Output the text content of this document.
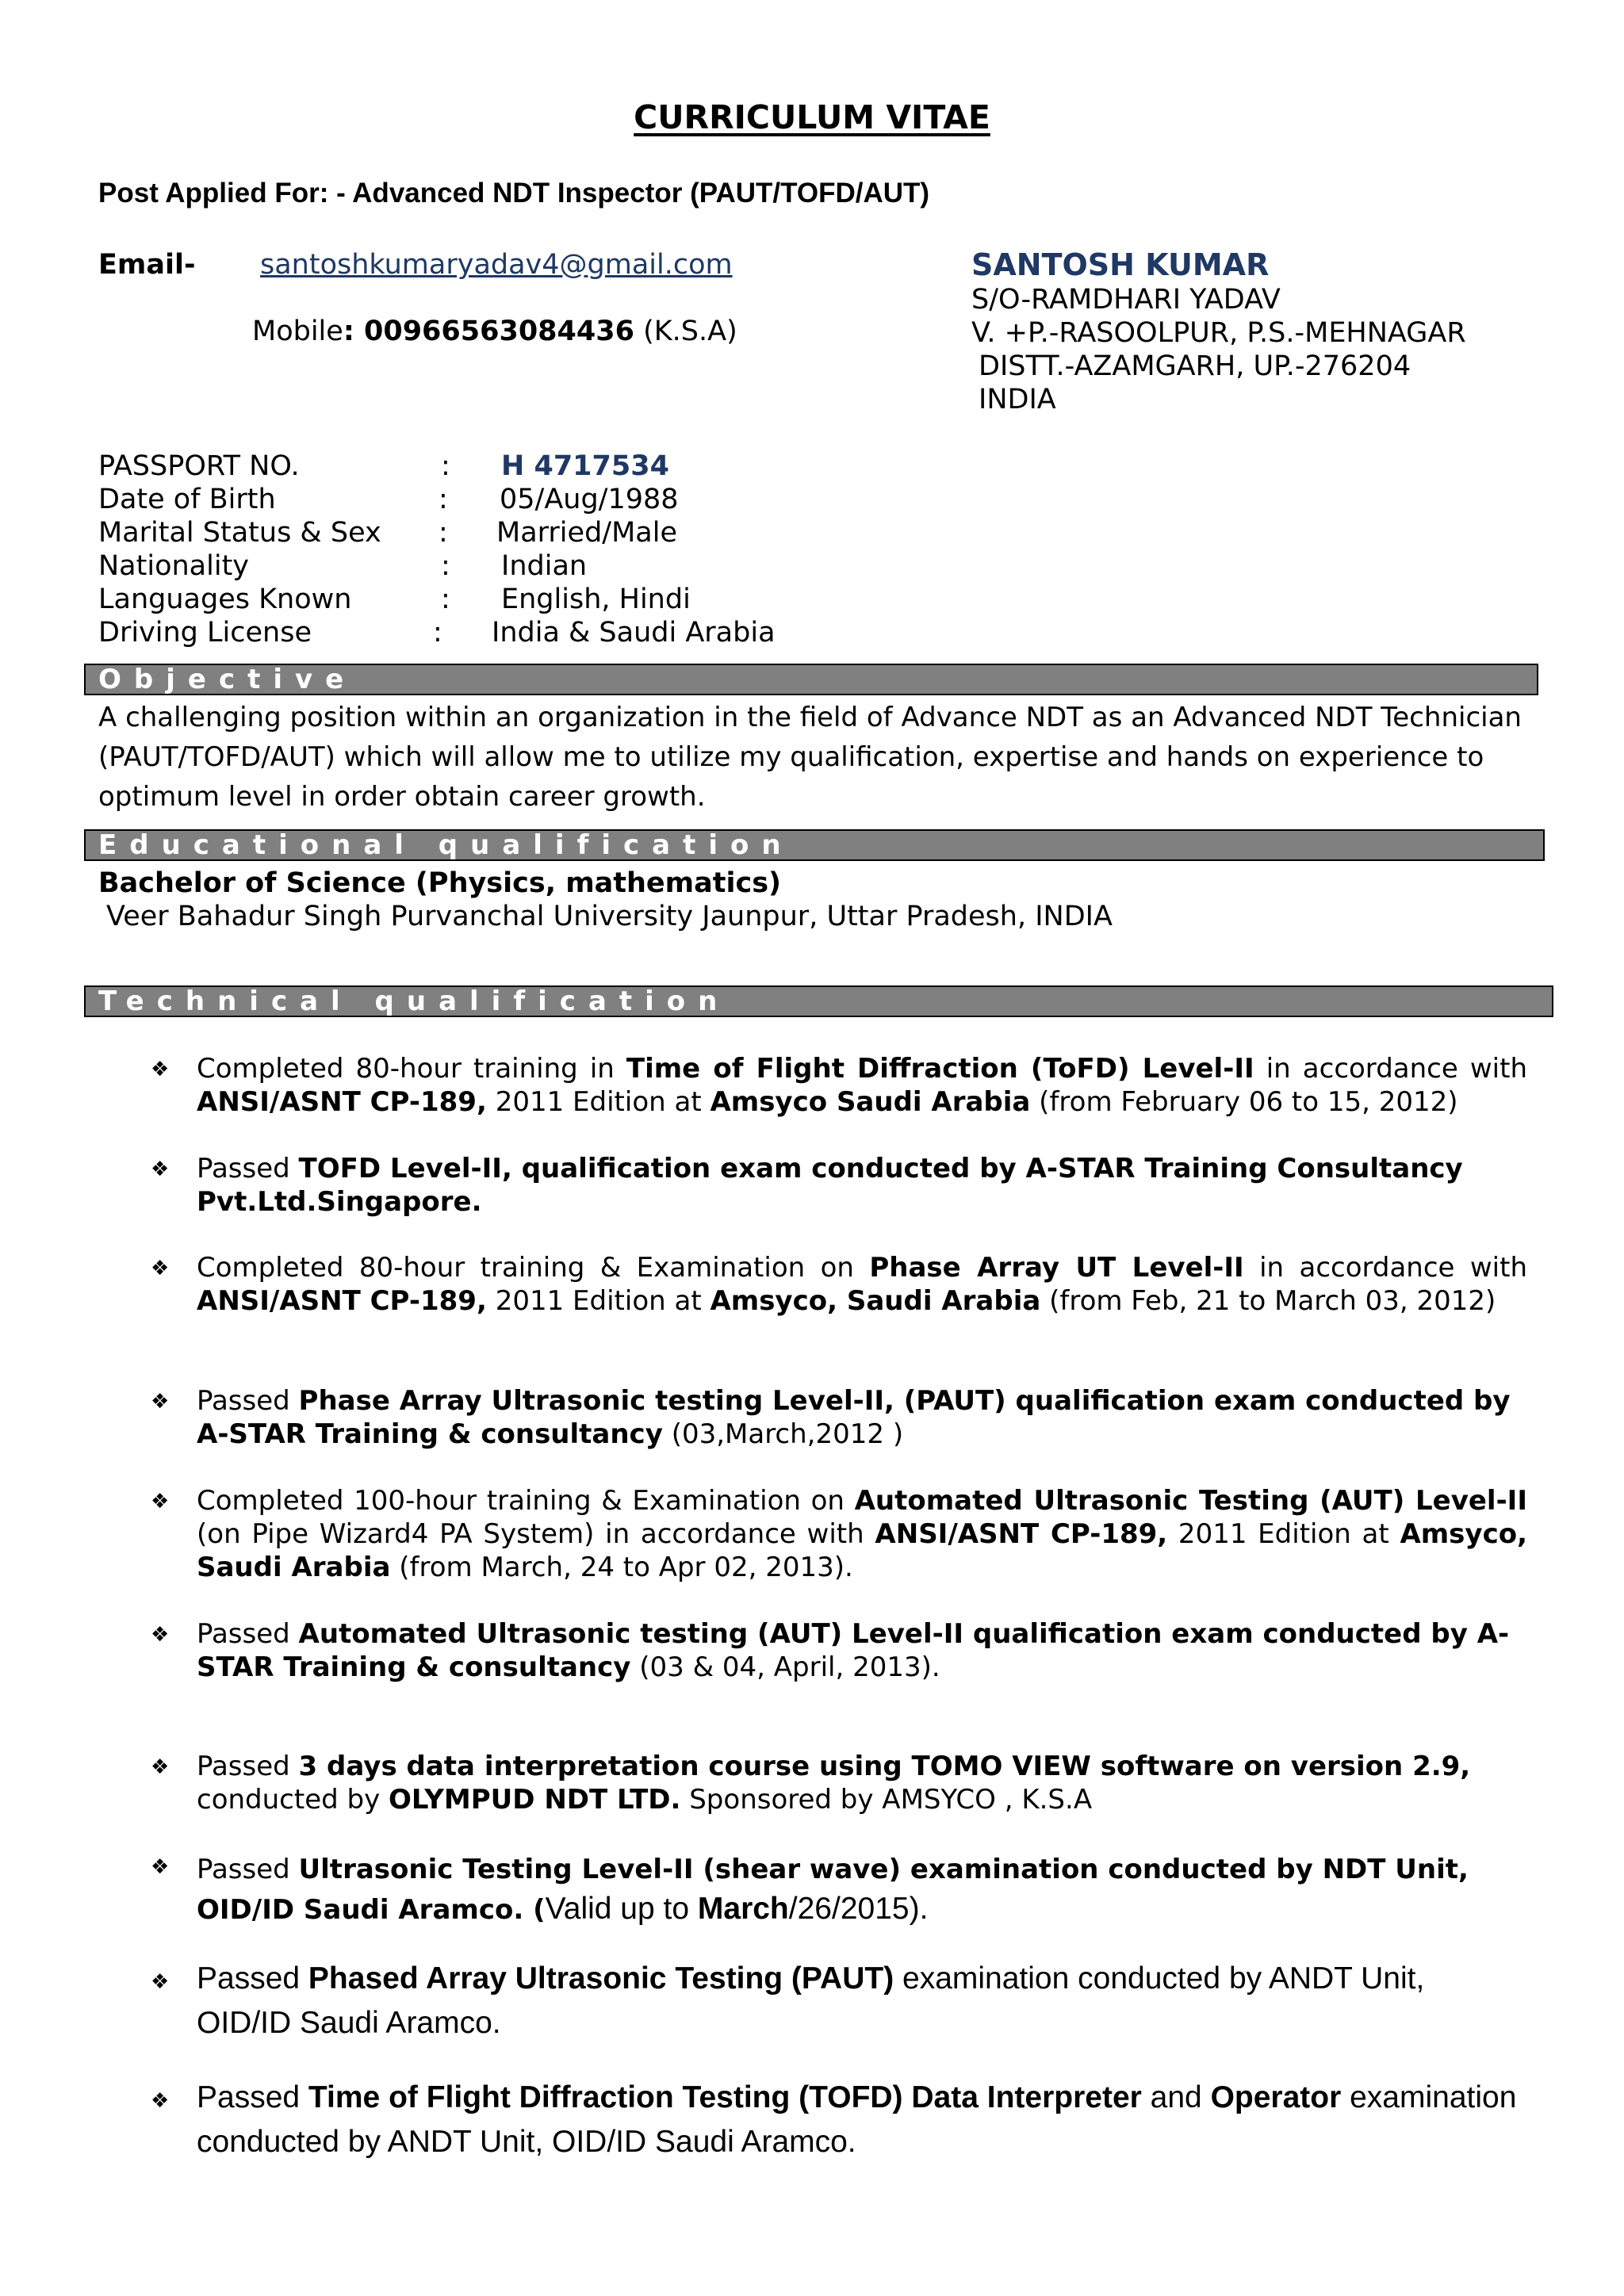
CURRICULUM VITAE
Post Applied For: - Advanced NDT Inspector (PAUT/TOFD/AUT)
Email- santoshkumaryadav4@gmail.com
Mobile: 00966563084436 (K.S.A)
SANTOSH KUMAR
S/O-RAMDHARI YADAV
V. +P.-RASOOLPUR, P.S.-MEHNAGAR
DISTT.-AZAMGARH, UP.-276204
INDIA
PASSPORT NO.	: H 4717534
Date of Birth	: 05/Aug/1988
Marital Status & Sex : Married/Male
Nationality	: Indian
Languages Known	: English, Hindi
Driving License	: India & Saudi Arabia
Objective
A challenging position within an organization in the field of Advance NDT as an Advanced NDT Technician (PAUT/TOFD/AUT) which will allow me to utilize my qualification, expertise and hands on experience to optimum level in order obtain career growth.
Educational qualification
Bachelor of Science (Physics, mathematics)
Veer Bahadur Singh Purvanchal University Jaunpur, Uttar Pradesh, INDIA
Technical qualification
❖ Completed 80-hour training in Time of Flight Diffraction (ToFD) Level-II in accordance with ANSI/ASNT CP-189, 2011 Edition at Amsyco Saudi Arabia (from February 06 to 15, 2012)
❖ Passed TOFD Level-II, qualification exam conducted by A-STAR Training Consultancy Pvt.Ltd.Singapore.
❖ Completed 80-hour training & Examination on Phase Array UT Level-II in accordance with ANSI/ASNT CP-189, 2011 Edition at Amsyco, Saudi Arabia (from Feb, 21 to March 03, 2012)
❖ Passed Phase Array Ultrasonic testing Level-II, (PAUT) qualification exam conducted by A-STAR Training & consultancy (03,March,2012 )
❖ Completed 100-hour training & Examination on Automated Ultrasonic Testing (AUT) Level-II (on Pipe Wizard4 PA System) in accordance with ANSI/ASNT CP-189, 2011 Edition at Amsyco, Saudi Arabia (from March, 24 to Apr 02, 2013).
❖ Passed Automated Ultrasonic testing (AUT) Level-II qualification exam conducted by A-STAR Training & consultancy (03 & 04, April, 2013).
❖ Passed 3 days data interpretation course using TOMO VIEW software on version 2.9, conducted by OLYMPUD NDT LTD. Sponsored by AMSYCO , K.S.A
❖ Passed Ultrasonic Testing Level-II (shear wave) examination conducted by NDT Unit, OID/ID Saudi Aramco. (Valid up to March/26/2015).
❖ Passed Phased Array Ultrasonic Testing (PAUT) examination conducted by ANDT Unit, OID/ID Saudi Aramco.
❖ Passed Time of Flight Diffraction Testing (TOFD) Data Interpreter and Operator examination conducted by ANDT Unit, OID/ID Saudi Aramco.
